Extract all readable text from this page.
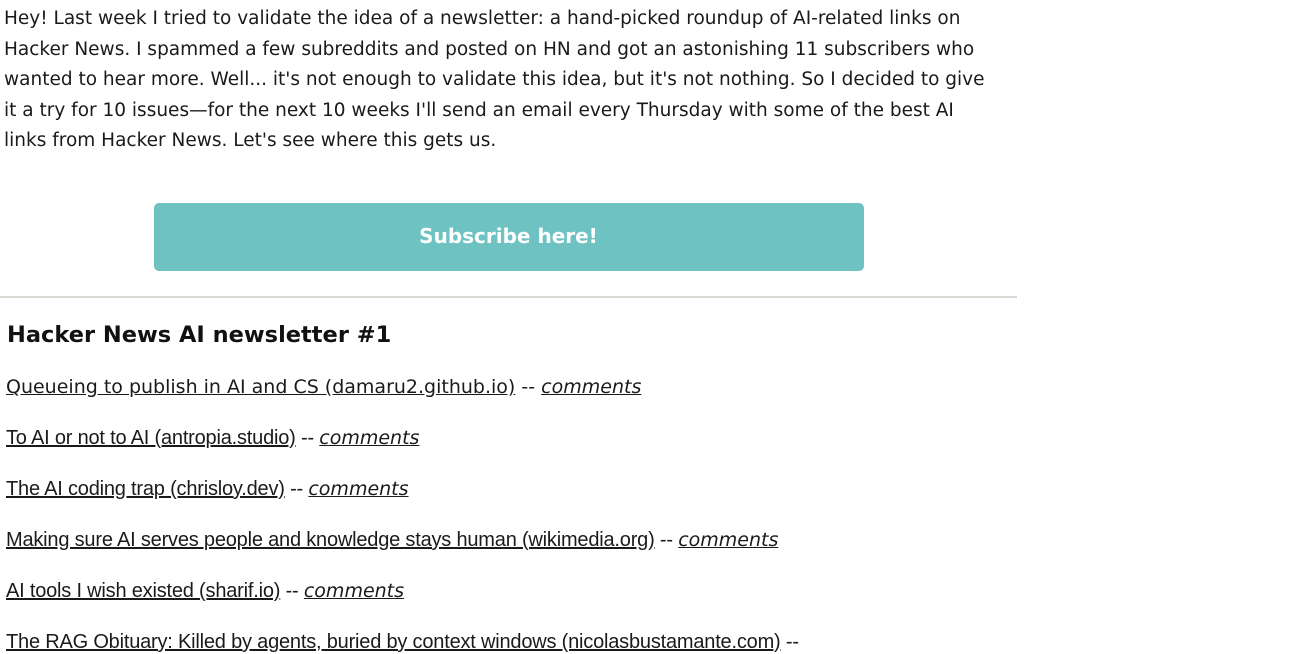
Hey! Last week I tried to validate the idea of a newsletter: a hand-picked roundup of AI-related links on Hacker News. I spammed a few subreddits and posted on HN and got an astonishing 11 subscribers who wanted to hear more. Well... it's not enough to validate this idea, but it's not nothing. So I decided to give it a try for 10 issues—for the next 10 weeks I'll send an email every Thursday with some of the best AI links from Hacker News. Let's see where this gets us.

Subscribe here!
Hacker News AI newsletter #1

Queueing to publish in AI and CS (damaru2.github.io) -- comments

To AI or not to AI (antropia.studio) -- comments

The AI coding trap (chrisloy.dev) -- comments

Making sure AI serves people and knowledge stays human (wikimedia.org) -- comments

AI tools I wish existed (sharif.io) -- comments

The RAG Obituary: Killed by agents, buried by context windows (nicolasbustamante.com) --
